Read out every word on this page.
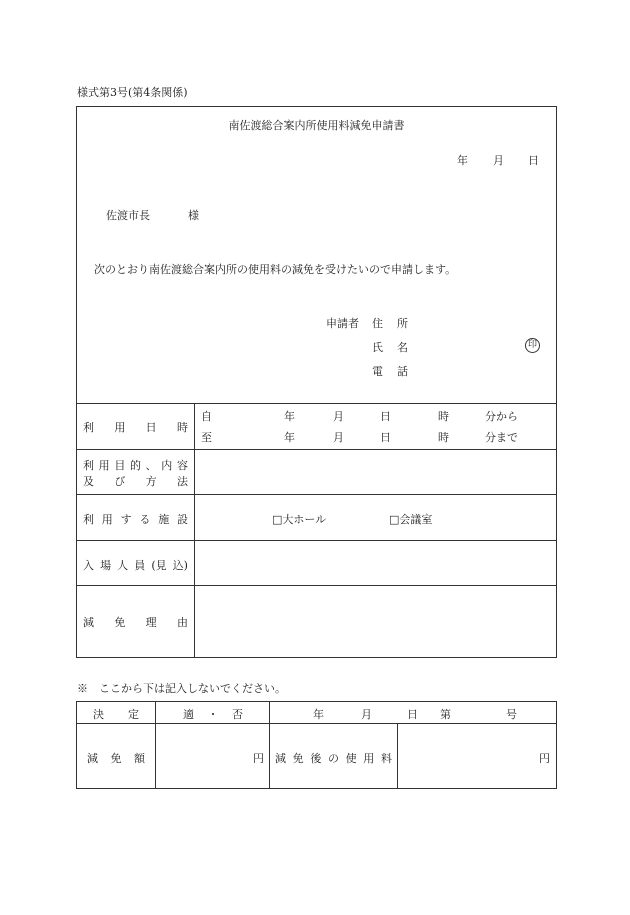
様式第3号(第4条関係)
南佐渡総合案内所使用料減免申請書
年 月 日
佐渡市長	様
次のとおり南佐渡総合案内所の使用料の減免を受けたいので申請します。
申請者 住 所
氏 名
電 話
印
利 用 日 時
自	年	月	日	時	分から
至	年	月	日	時	分まで
利 用 目 的 、 内 容
及 び 方 法
利 用 す る 施 設	□大ホール	□会議室
入 場 人 員 (見 込)
減 免 理 由
※　ここから下は記入しないでください。
決 定	適 ・ 否	年	月	日 第	号
減 免 額	円 減 免 後 の 使 用 料	円
